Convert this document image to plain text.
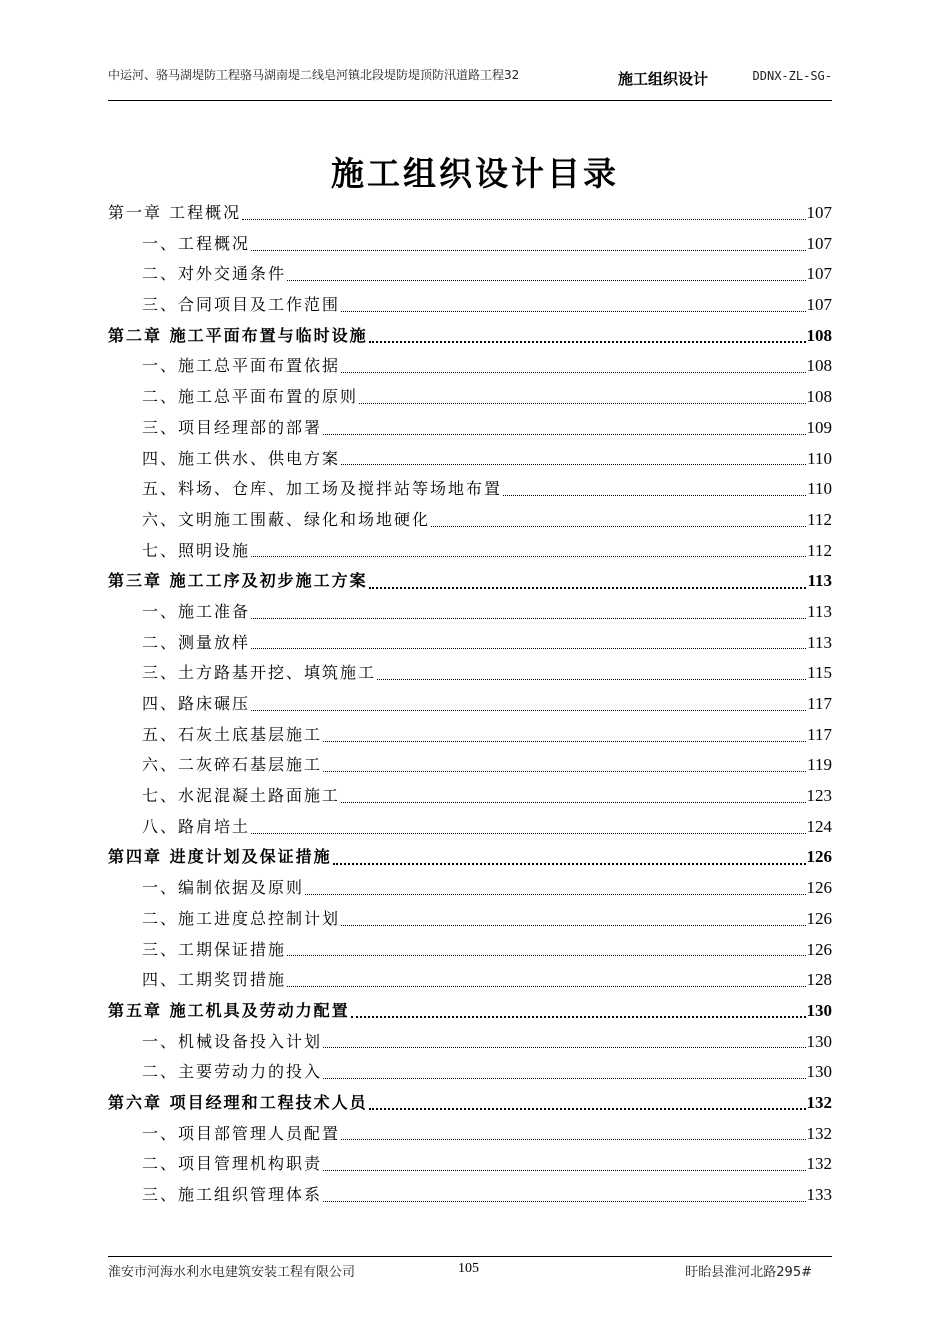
中运河、骆马湖堤防工程骆马湖南堤二线皂河镇北段堤防堤顶防汛道路工程32	施工组织设计	DDNX-ZL-SG-
施工组织设计目录
第一章 工程概况	107
一、工程概况	107
二、对外交通条件	107
三、合同项目及工作范围	107
第二章 施工平面布置与临时设施	108
一、施工总平面布置依据	108
二、施工总平面布置的原则	108
三、项目经理部的部署	109
四、施工供水、供电方案	110
五、料场、仓库、加工场及搅拌站等场地布置	110
六、文明施工围蔽、绿化和场地硬化	112
七、照明设施	112
第三章 施工工序及初步施工方案	113
一、施工准备	113
二、测量放样	113
三、土方路基开挖、填筑施工	115
四、路床碾压	117
五、石灰土底基层施工	117
六、二灰碎石基层施工	119
七、水泥混凝土路面施工	123
八、路肩培土	124
第四章 进度计划及保证措施	126
一、编制依据及原则	126
二、施工进度总控制计划	126
三、工期保证措施	126
四、工期奖罚措施	128
第五章 施工机具及劳动力配置	130
一、机械设备投入计划	130
二、主要劳动力的投入	130
第六章 项目经理和工程技术人员	132
一、项目部管理人员配置	132
二、项目管理机构职责	132
三、施工组织管理体系	133
淮安市河海水利水电建筑安装工程有限公司	105	盱眙县淮河北路295#
